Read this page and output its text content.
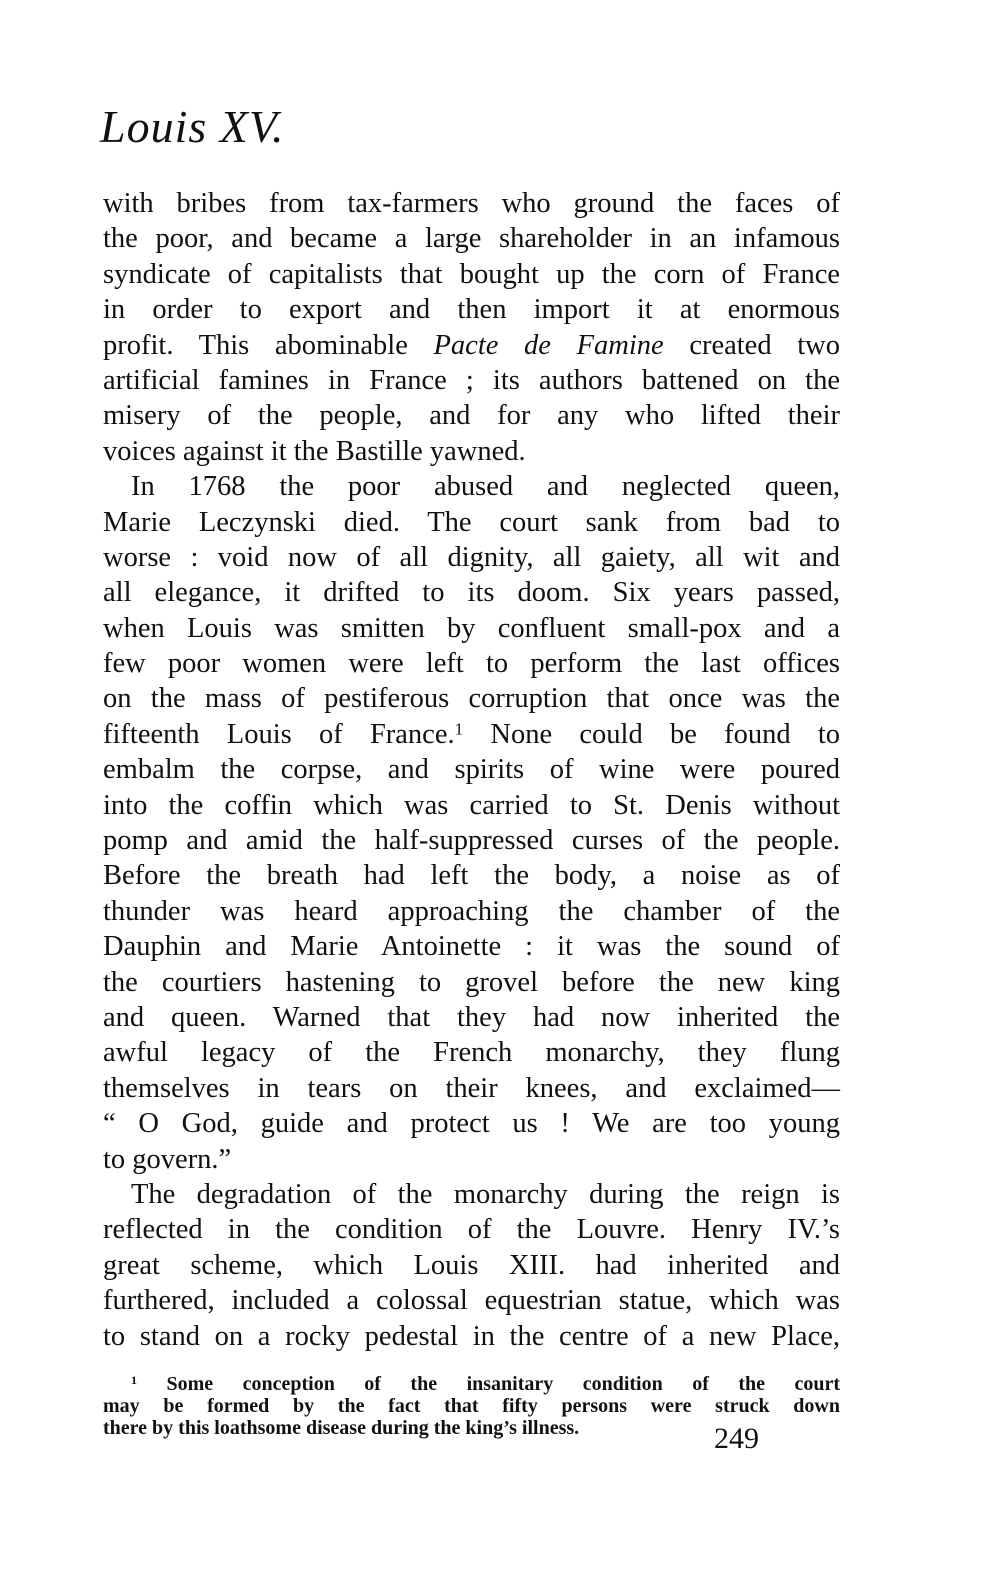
Louis XV.
with bribes from tax-farmers who ground the faces of
the poor, and became a large shareholder in an infamous
syndicate of capitalists that bought up the corn of France
in order to export and then import it at enormous
profit. This abominable Pacte de Famine created two
artificial famines in France ; its authors battened on the
misery of the people, and for any who lifted their
voices against it the Bastille yawned.
In 1768 the poor abused and neglected queen,
Marie Leczynski died. The court sank from bad to
worse : void now of all dignity, all gaiety, all wit and
all elegance, it drifted to its doom. Six years passed,
when Louis was smitten by confluent small-pox and a
few poor women were left to perform the last offices
on the mass of pestiferous corruption that once was the
fifteenth Louis of France.$^1$ None could be found to
embalm the corpse, and spirits of wine were poured
into the coffin which was carried to St. Denis without
pomp and amid the half-suppressed curses of the people.
Before the breath had left the body, a noise as of
thunder was heard approaching the chamber of the
Dauphin and Marie Antoinette : it was the sound of
the courtiers hastening to grovel before the new king
and queen. Warned that they had now inherited the
awful legacy of the French monarchy, they flung
themselves in tears on their knees, and exclaimed—
“ O God, guide and protect us ! We are too young
to govern.”
The degradation of the monarchy during the reign is
reflected in the condition of the Louvre. Henry IV.’s
great scheme, which Louis XIII. had inherited and
furthered, included a colossal equestrian statue, which was
to stand on a rocky pedestal in the centre of a new Place,
$^1$ Some conception of the insanitary condition of the court
may be formed by the fact that fifty persons were struck down
there by this loathsome disease during the king’s illness.	249
